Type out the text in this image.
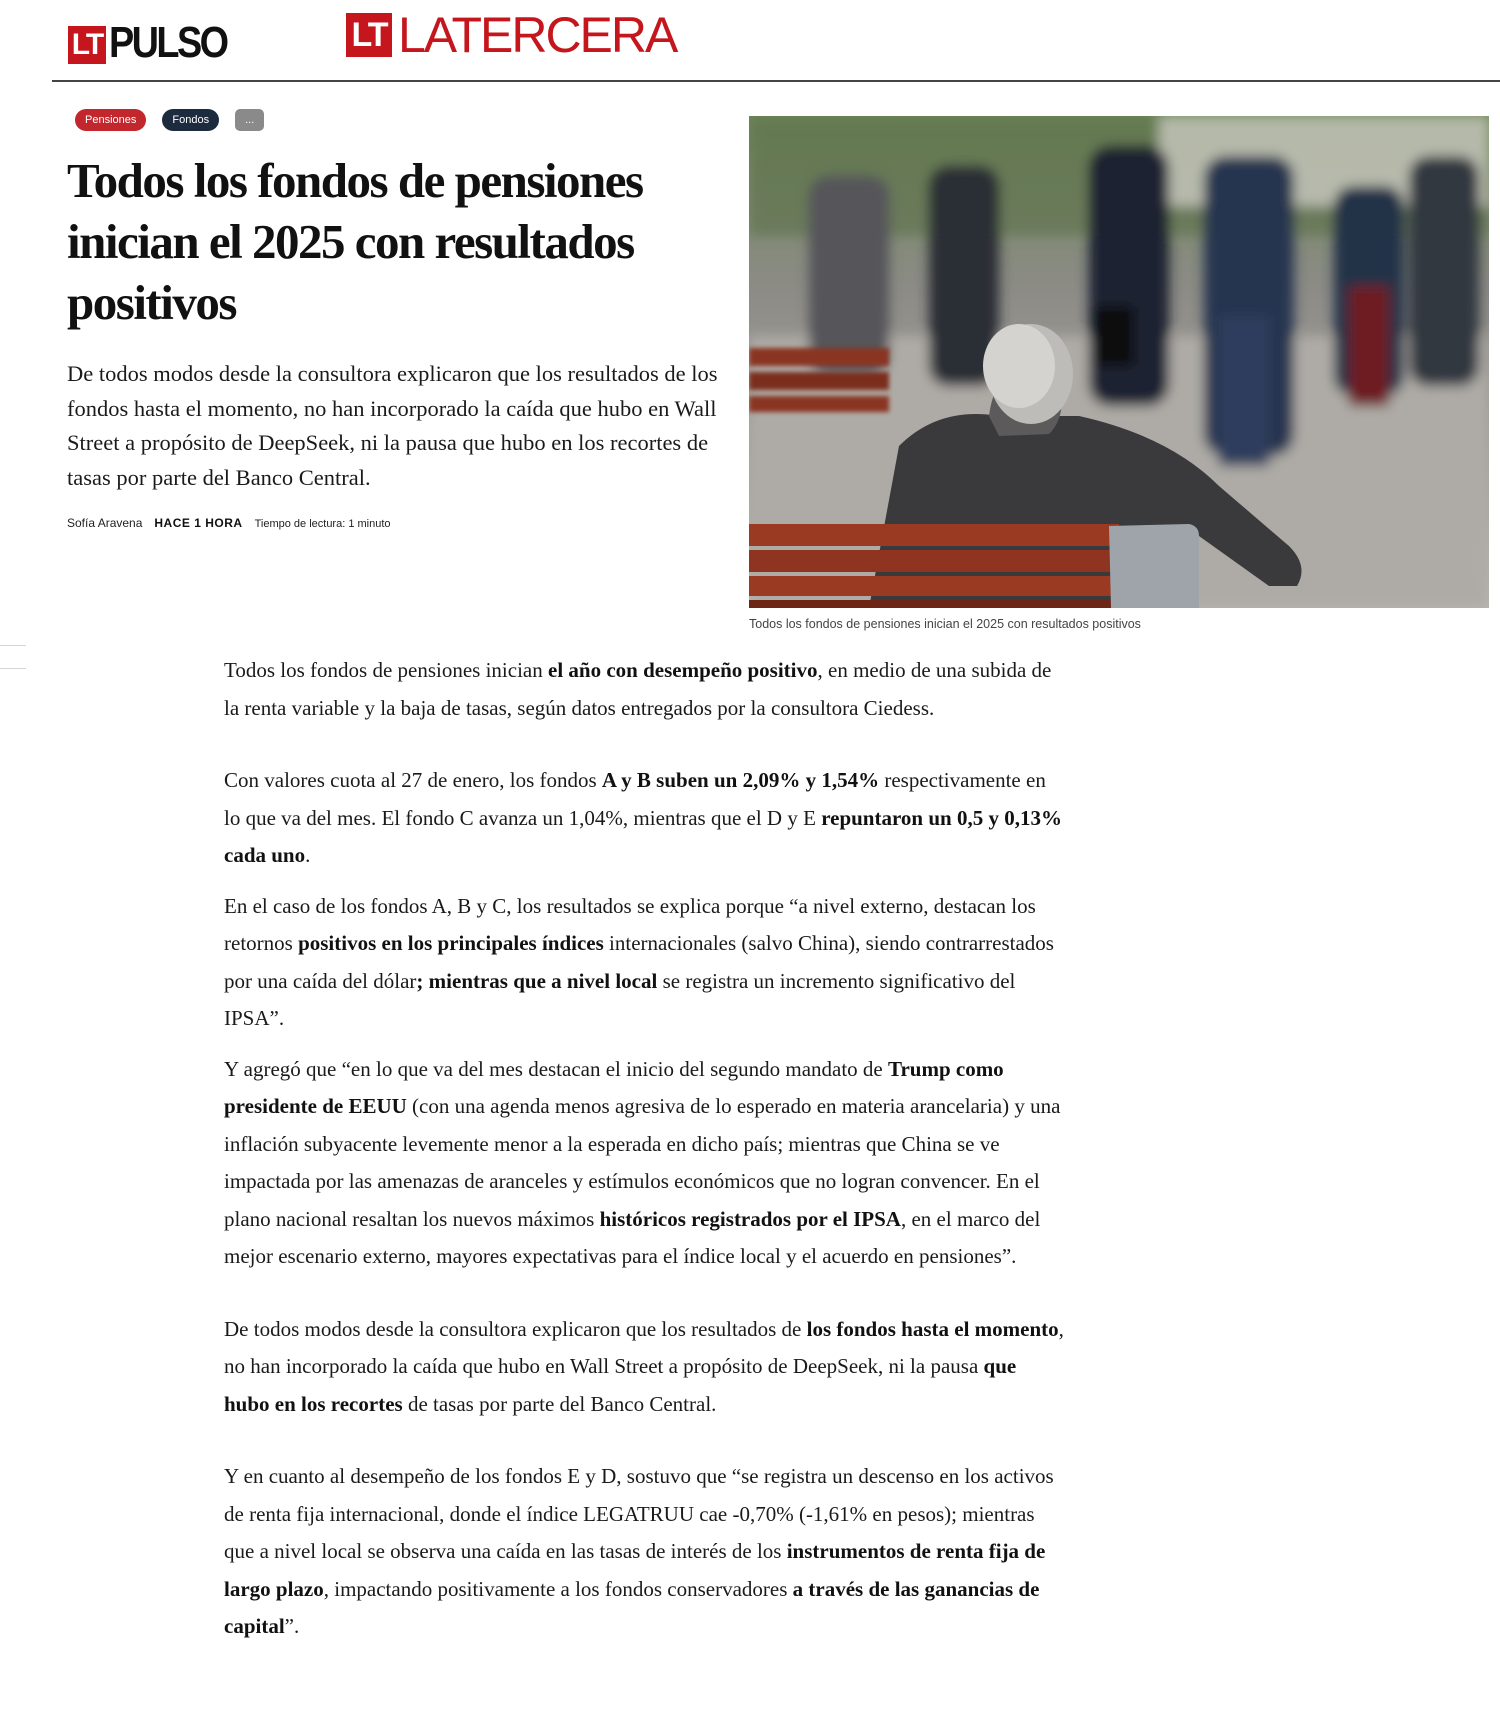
LT PULSO	LT LATERCERA
Pensiones	Fondos	...
Todos los fondos de pensiones inician el 2025 con resultados positivos

De todos modos desde la consultora explicaron que los resultados de los fondos hasta el momento, no han incorporado la caída que hubo en Wall Street a propósito de DeepSeek, ni la pausa que hubo en los recortes de tasas por parte del Banco Central.

Sofía Aravena HACE 1 HORA Tiempo de lectura: 1 minuto
Todos los fondos de pensiones inician el 2025 con resultados positivos

Todos los fondos de pensiones inician el año con desempeño positivo, en medio de una subida de la renta variable y la baja de tasas, según datos entregados por la consultora Ciedess.

Con valores cuota al 27 de enero, los fondos A y B suben un 2,09% y 1,54% respectivamente en lo que va del mes. El fondo C avanza un 1,04%, mientras que el D y E repuntaron un 0,5 y 0,13% cada uno.

En el caso de los fondos A, B y C, los resultados se explica porque “a nivel externo, destacan los retornos positivos en los principales índices internacionales (salvo China), siendo contrarrestados por una caída del dólar; mientras que a nivel local se registra un incremento significativo del IPSA”.

Y agregó que “en lo que va del mes destacan el inicio del segundo mandato de Trump como presidente de EEUU (con una agenda menos agresiva de lo esperado en materia arancelaria) y una inflación subyacente levemente menor a la esperada en dicho país; mientras que China se ve impactada por las amenazas de aranceles y estímulos económicos que no logran convencer. En el plano nacional resaltan los nuevos máximos históricos registrados por el IPSA, en el marco del mejor escenario externo, mayores expectativas para el índice local y el acuerdo en pensiones”.

De todos modos desde la consultora explicaron que los resultados de los fondos hasta el momento, no han incorporado la caída que hubo en Wall Street a propósito de DeepSeek, ni la pausa que hubo en los recortes de tasas por parte del Banco Central.

Y en cuanto al desempeño de los fondos E y D, sostuvo que “se registra un descenso en los activos de renta fija internacional, donde el índice LEGATRUU cae -0,70% (-1,61% en pesos); mientras que a nivel local se observa una caída en las tasas de interés de los instrumentos de renta fija de largo plazo, impactando positivamente a los fondos conservadores a través de las ganancias de capital”.
